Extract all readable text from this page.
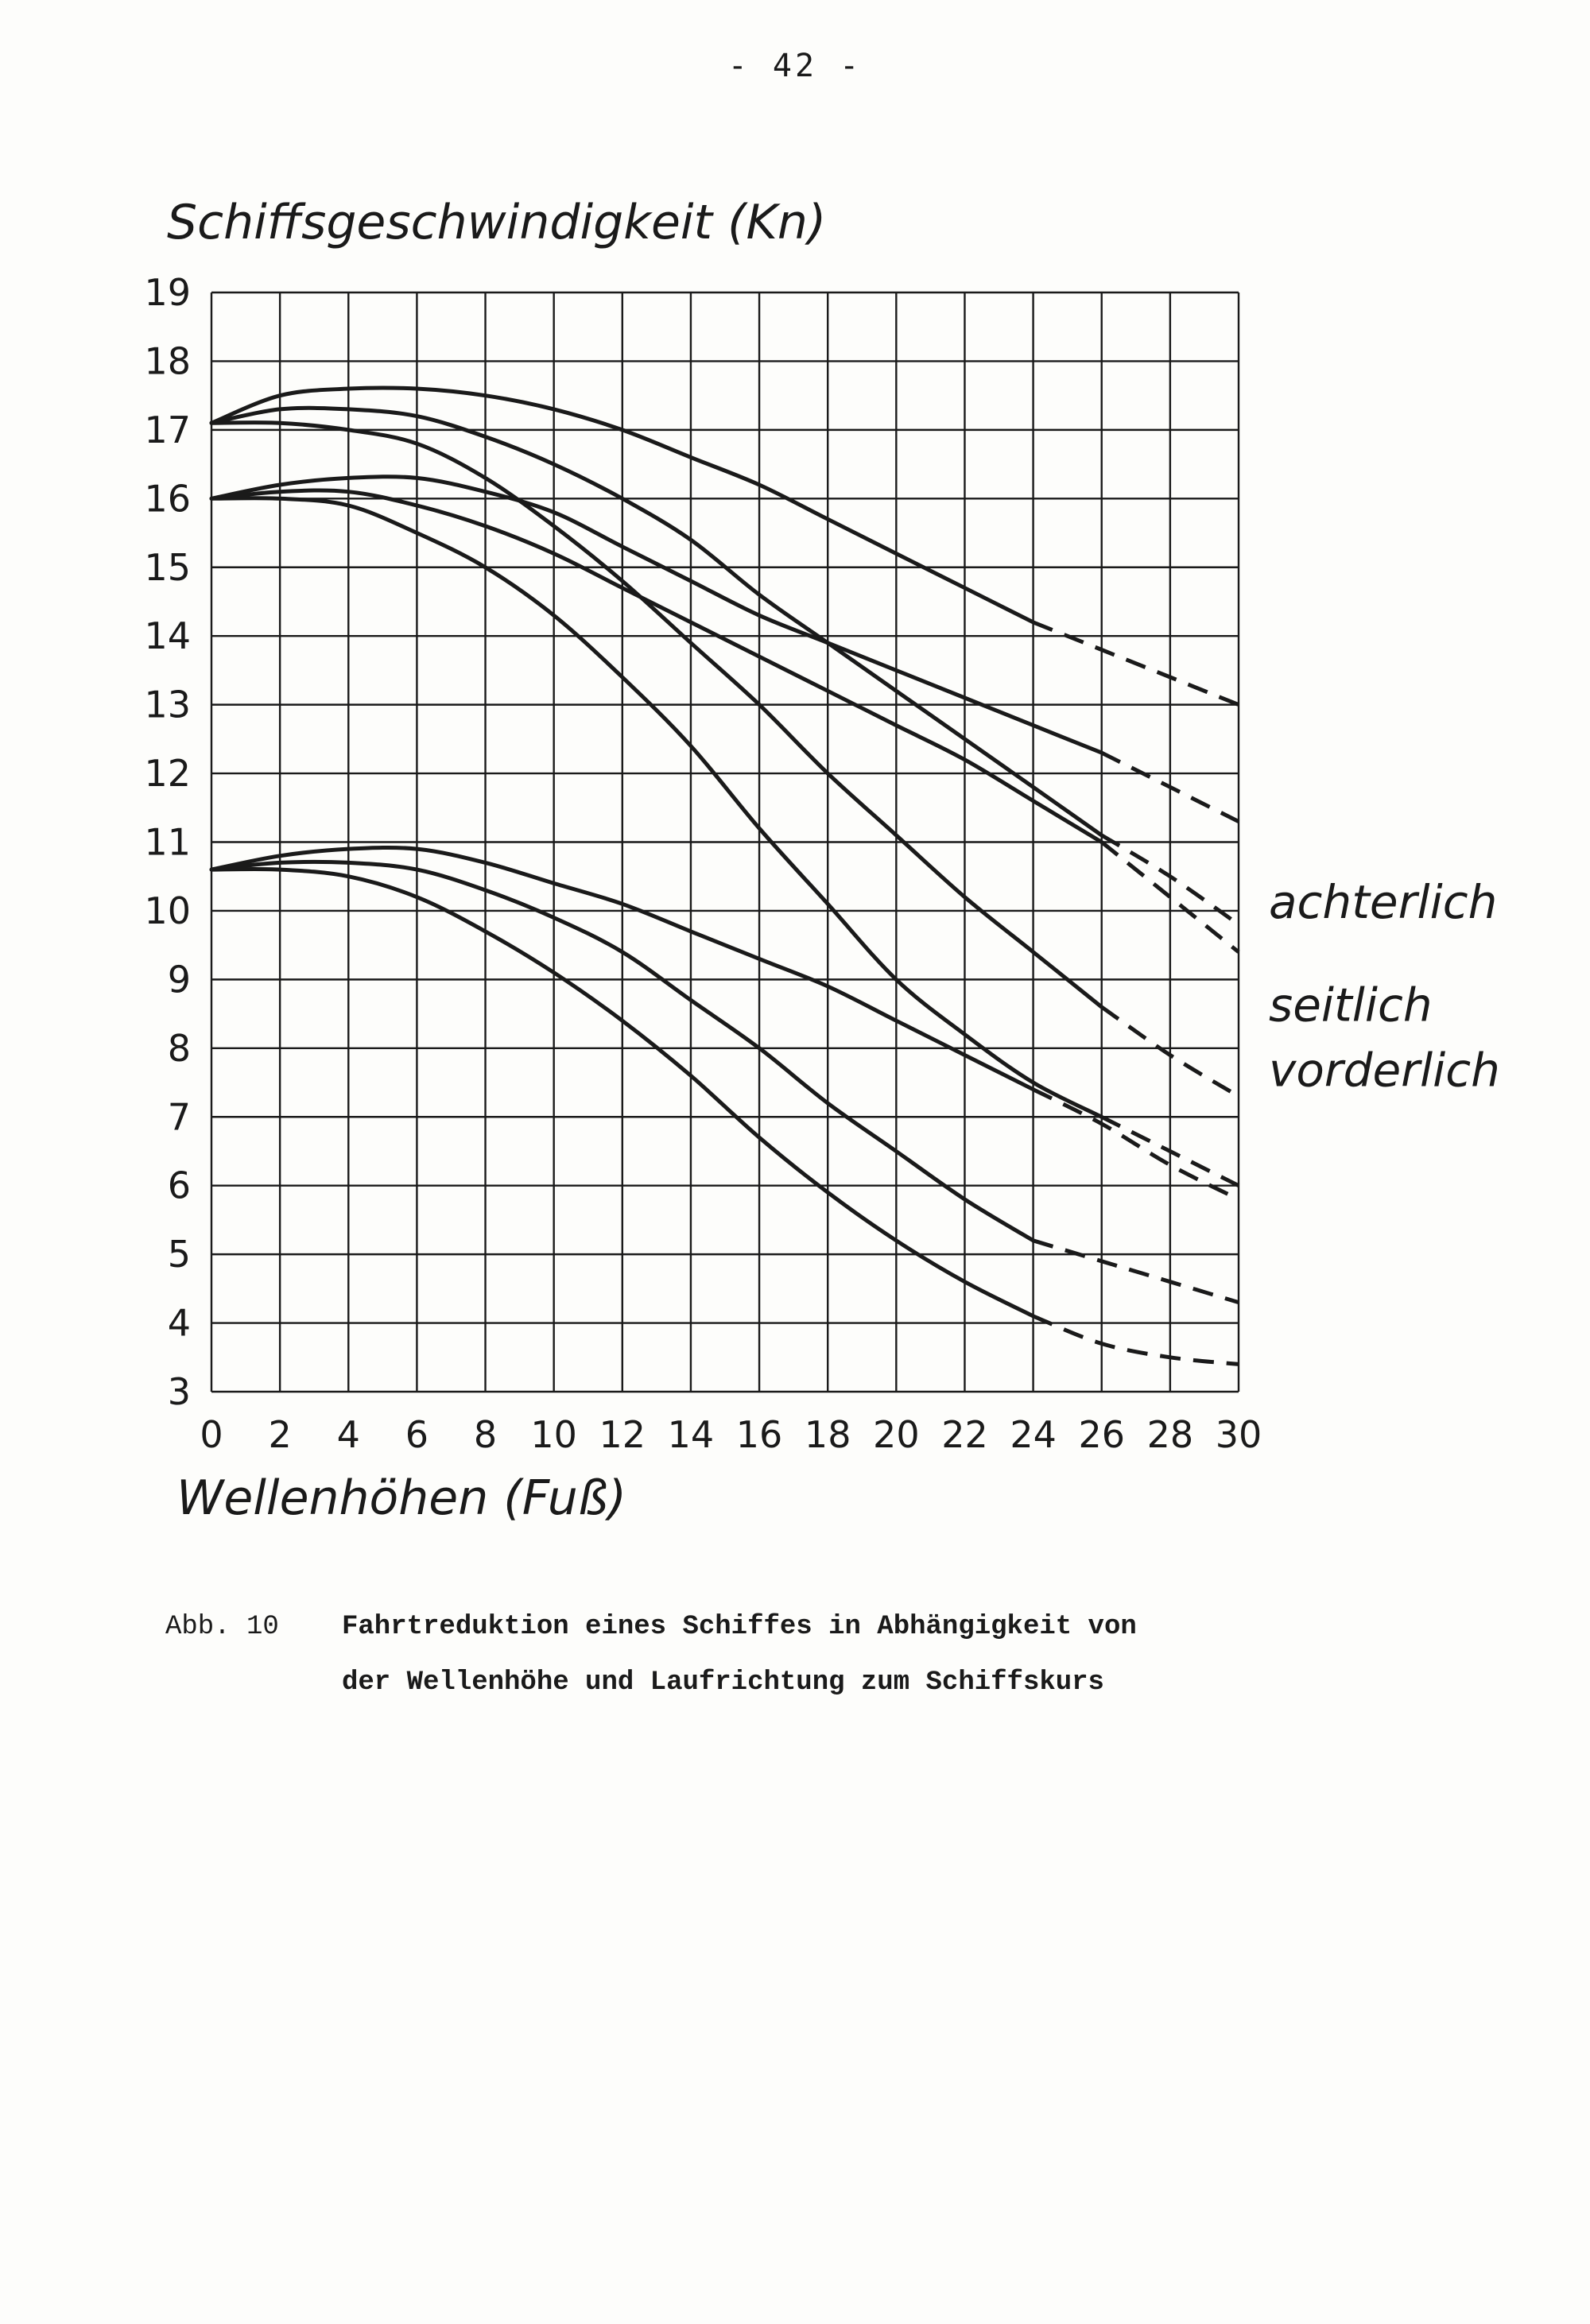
- 42 -
0 2 4 6 8 10 12 14 16 18 20 22 24 26 28 30
3
4
5
6
7
8
9
10
11
12
13
14
15
16
17
18
19
achterlich
seitlich
vorderlich
Schiffsgeschwindigkeit (Kn)
Wellenhöhen (Fuß)
Abb. 10	Fahrtreduktion eines Schiffes in Abhängigkeit von
der Wellenhöhe und Laufrichtung zum Schiffskurs
